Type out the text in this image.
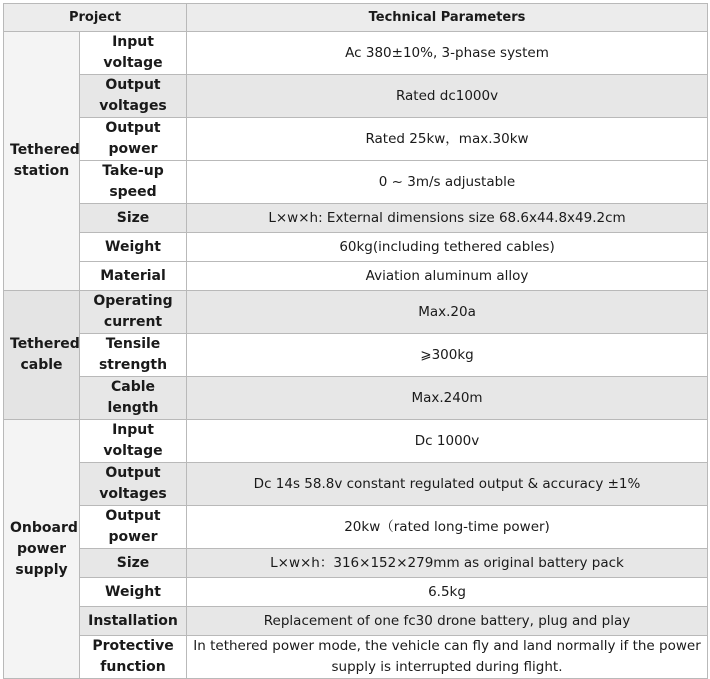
Project		Technical Parameters
Tethered station	Input voltage	Ac 380±10%, 3-phase system
	Output voltages	Rated dc1000v
	Output power	Rated 25kw，max.30kw
	Take-up speed	0 ~ 3m/s adjustable
	Size	L×w×h: External dimensions size 68.6x44.8x49.2cm
	Weight	60kg(including tethered cables)
	Material	Aviation aluminum alloy
Tethered cable	Operating current	Max.20a
	Tensile strength	⩾300kg
	Cable length	Max.240m
Onboard power supply	Input voltage	Dc 1000v
	Output voltages	Dc 14s 58.8v constant regulated output & accuracy ±1%
	Output power	20kw（rated long-time power)
	Size	L×w×h：316×152×279mm as original battery pack
	Weight	6.5kg
	Installation	Replacement of one fc30 drone battery, plug and play
	Protective function	In tethered power mode, the vehicle can fly and land normally if the power supply is interrupted during flight.
